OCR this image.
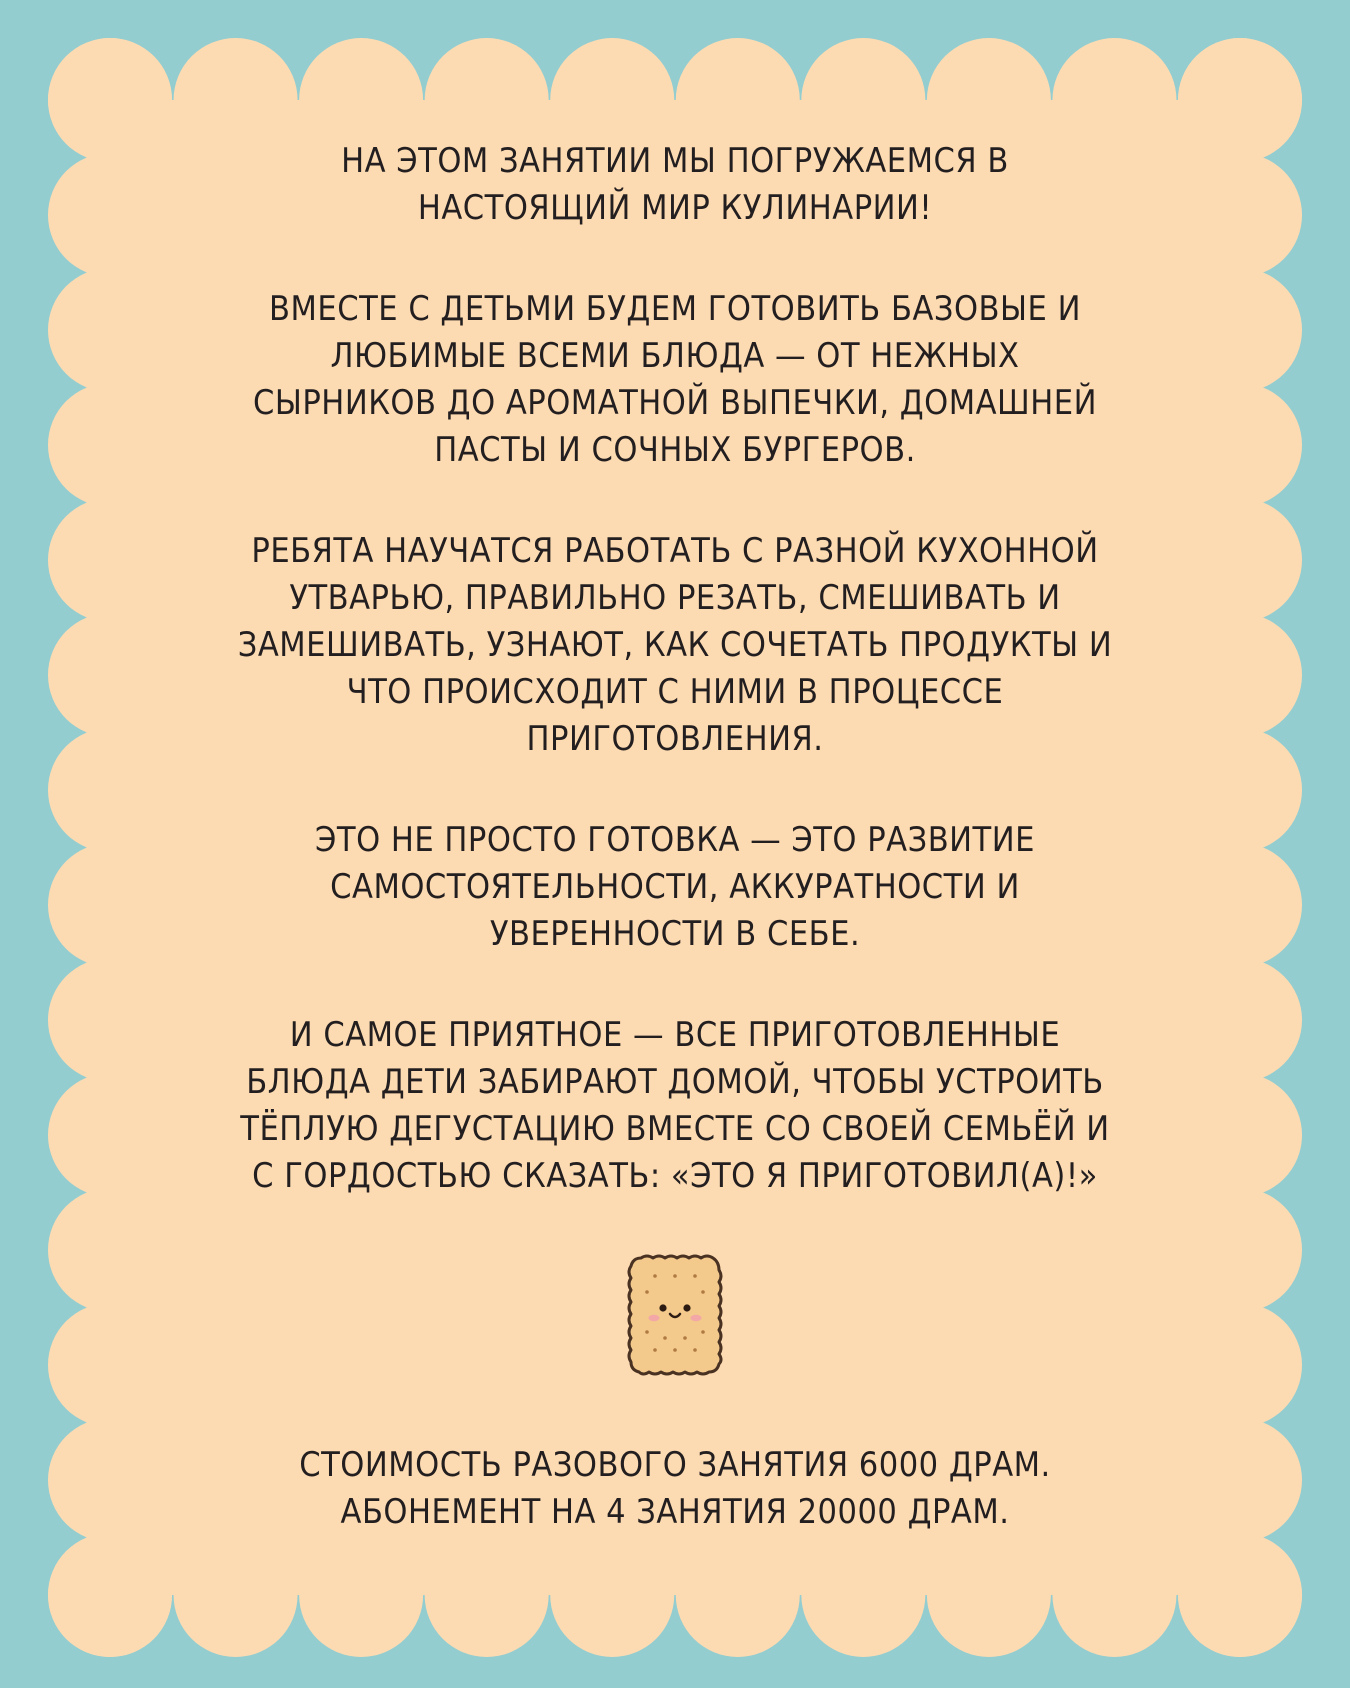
НА ЭТОМ ЗАНЯТИИ МЫ ПОГРУЖАЕМСЯ В
НАСТОЯЩИЙ МИР КУЛИНАРИИ!
ВМЕСТЕ С ДЕТЬМИ БУДЕМ ГОТОВИТЬ БАЗОВЫЕ И
ЛЮБИМЫЕ ВСЕМИ БЛЮДА — ОТ НЕЖНЫХ
СЫРНИКОВ ДО АРОМАТНОЙ ВЫПЕЧКИ, ДОМАШНЕЙ
ПАСТЫ И СОЧНЫХ БУРГЕРОВ.
РЕБЯТА НАУЧАТСЯ РАБОТАТЬ С РАЗНОЙ КУХОННОЙ
УТВАРЬЮ, ПРАВИЛЬНО РЕЗАТЬ, СМЕШИВАТЬ И
ЗАМЕШИВАТЬ, УЗНАЮТ, КАК СОЧЕТАТЬ ПРОДУКТЫ И
ЧТО ПРОИСХОДИТ С НИМИ В ПРОЦЕССЕ
ПРИГОТОВЛЕНИЯ.
ЭТО НЕ ПРОСТО ГОТОВКА — ЭТО РАЗВИТИЕ
САМОСТОЯТЕЛЬНОСТИ, АККУРАТНОСТИ И
УВЕРЕННОСТИ В СЕБЕ.
И САМОЕ ПРИЯТНОЕ — ВСЕ ПРИГОТОВЛЕННЫЕ
БЛЮДА ДЕТИ ЗАБИРАЮТ ДОМОЙ, ЧТОБЫ УСТРОИТЬ
ТЁПЛУЮ ДЕГУСТАЦИЮ ВМЕСТЕ СО СВОЕЙ СЕМЬЁЙ И
С ГОРДОСТЬЮ СКАЗАТЬ: «ЭТО Я ПРИГОТОВИЛ(А)!»
СТОИМОСТЬ РАЗОВОГО ЗАНЯТИЯ 6000 ДРАМ.
АБОНЕМЕНТ НА 4 ЗАНЯТИЯ 20000 ДРАМ.
